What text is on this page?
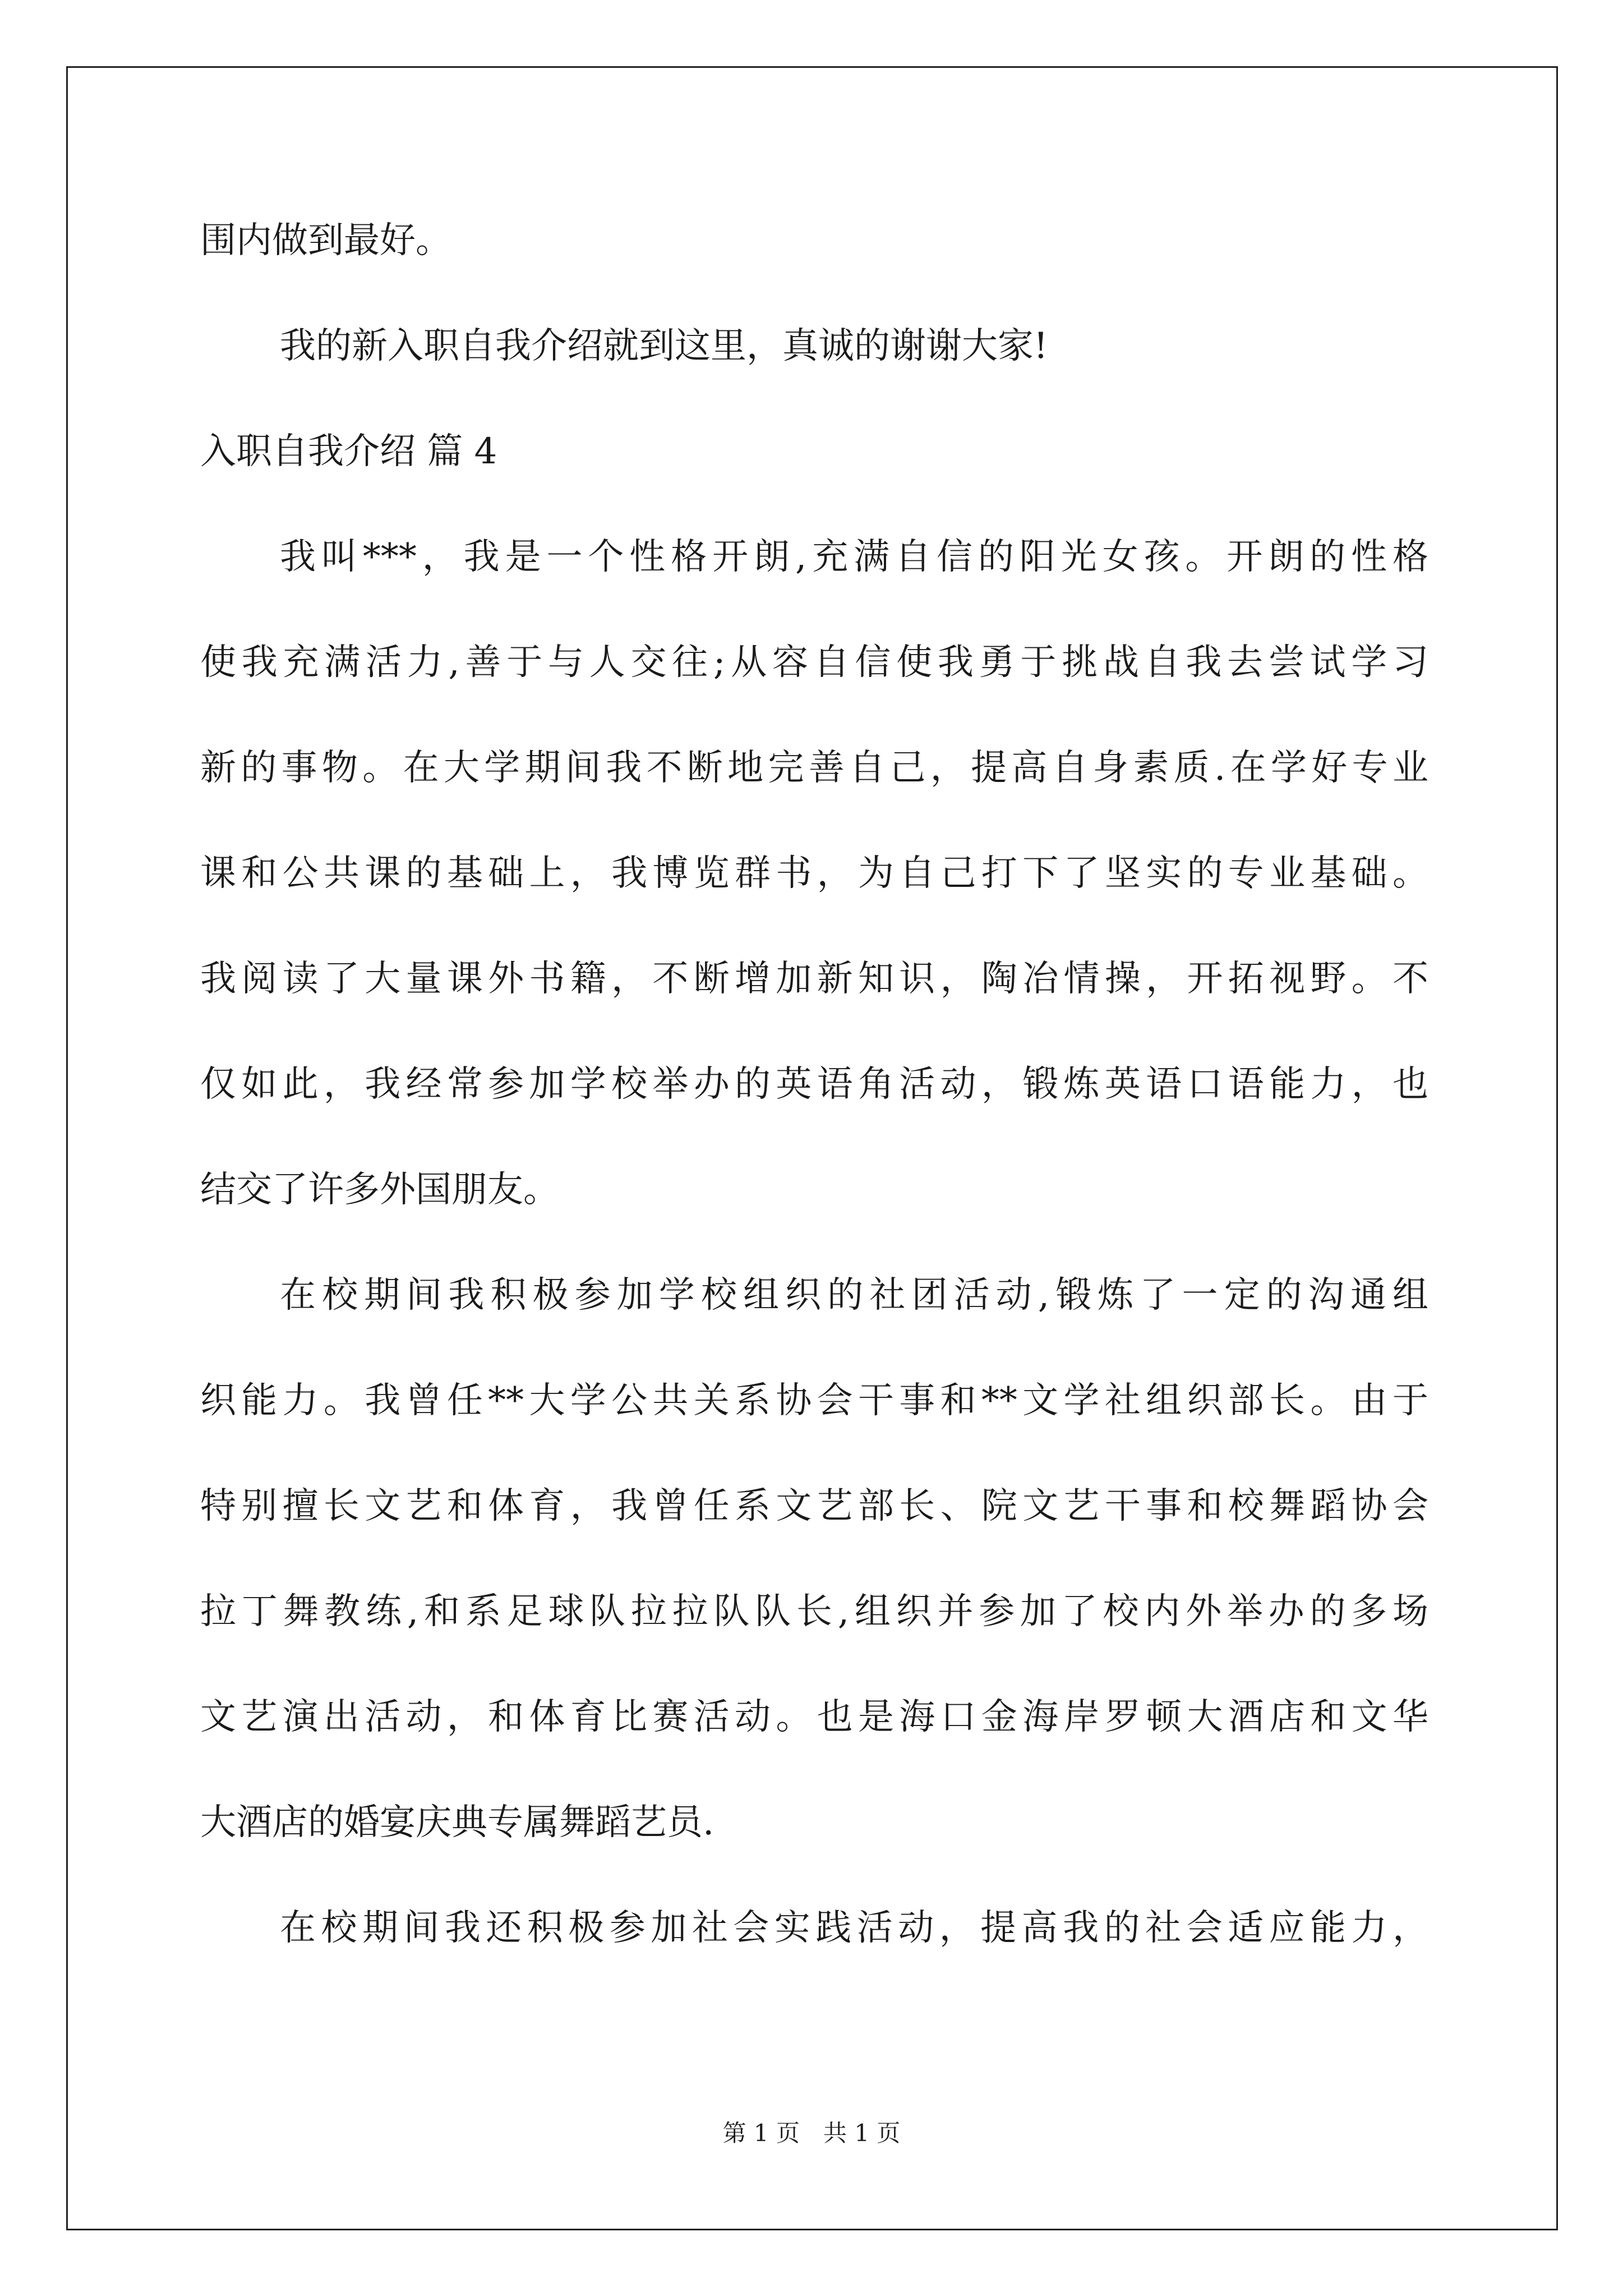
围内做到最好。
我的新入职自我介绍就到这里，真诚的谢谢大家!
入职自我介绍 篇 4
我叫***，我是一个性格开朗,充满自信的阳光女孩。开朗的性格
使我充满活力,善于与人交往;从容自信使我勇于挑战自我去尝试学习
新的事物。在大学期间我不断地完善自己，提高自身素质.在学好专业
课和公共课的基础上，我博览群书，为自己打下了坚实的专业基础。
我阅读了大量课外书籍，不断增加新知识，陶冶情操，开拓视野。不
仅如此，我经常参加学校举办的英语角活动，锻炼英语口语能力，也
结交了许多外国朋友。
在校期间我积极参加学校组织的社团活动,锻炼了一定的沟通组
织能力。我曾任**大学公共关系协会干事和**文学社组织部长。由于
特别擅长文艺和体育，我曾任系文艺部长、院文艺干事和校舞蹈协会
拉丁舞教练,和系足球队拉拉队队长,组织并参加了校内外举办的多场
文艺演出活动，和体育比赛活动。也是海口金海岸罗顿大酒店和文华
大酒店的婚宴庆典专属舞蹈艺员.
在校期间我还积极参加社会实践活动，提高我的社会适应能力，
第 1 页　共 1 页
